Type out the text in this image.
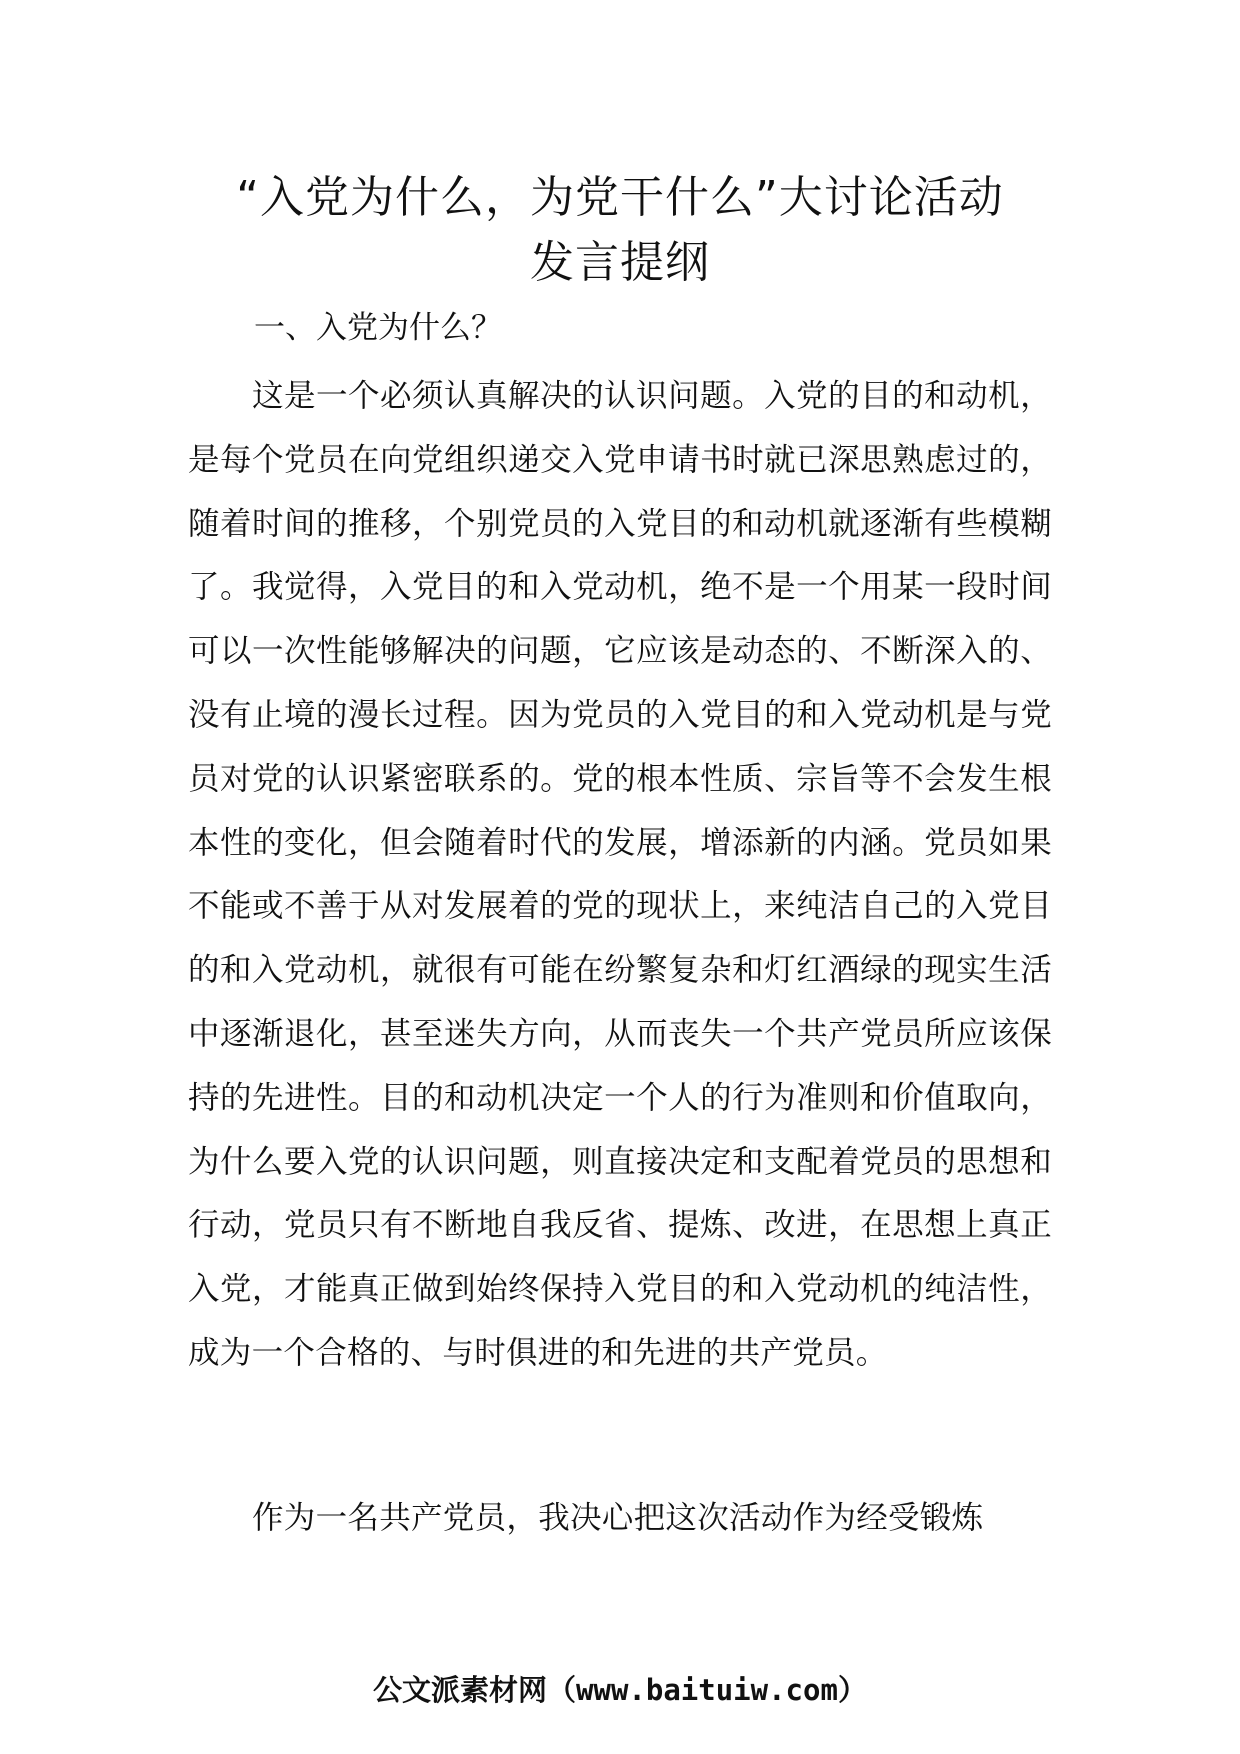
“入党为什么，为党干什么”大讨论活动
发言提纲
一、入党为什么？

这是一个必须认真解决的认识问题。入党的目的和动机，是每个党员在向党组织递交入党申请书时就已深思熟虑过的，随着时间的推移，个别党员的入党目的和动机就逐渐有些模糊了。我觉得，入党目的和入党动机，绝不是一个用某一段时间可以一次性能够解决的问题，它应该是动态的、不断深入的、没有止境的漫长过程。因为党员的入党目的和入党动机是与党员对党的认识紧密联系的。党的根本性质、宗旨等不会发生根本性的变化，但会随着时代的发展，增添新的内涵。党员如果不能或不善于从对发展着的党的现状上，来纯洁自己的入党目的和入党动机，就很有可能在纷繁复杂和灯红酒绿的现实生活中逐渐退化，甚至迷失方向，从而丧失一个共产党员所应该保持的先进性。目的和动机决定一个人的行为准则和价值取向，为什么要入党的认识问题，则直接决定和支配着党员的思想和行动，党员只有不断地自我反省、提炼、改进，在思想上真正入党，才能真正做到始终保持入党目的和入党动机的纯洁性，成为一个合格的、与时俱进的和先进的共产党员。

作为一名共产党员，我决心把这次活动作为经受锻炼

公文派素材网（www.baituiw.com）
